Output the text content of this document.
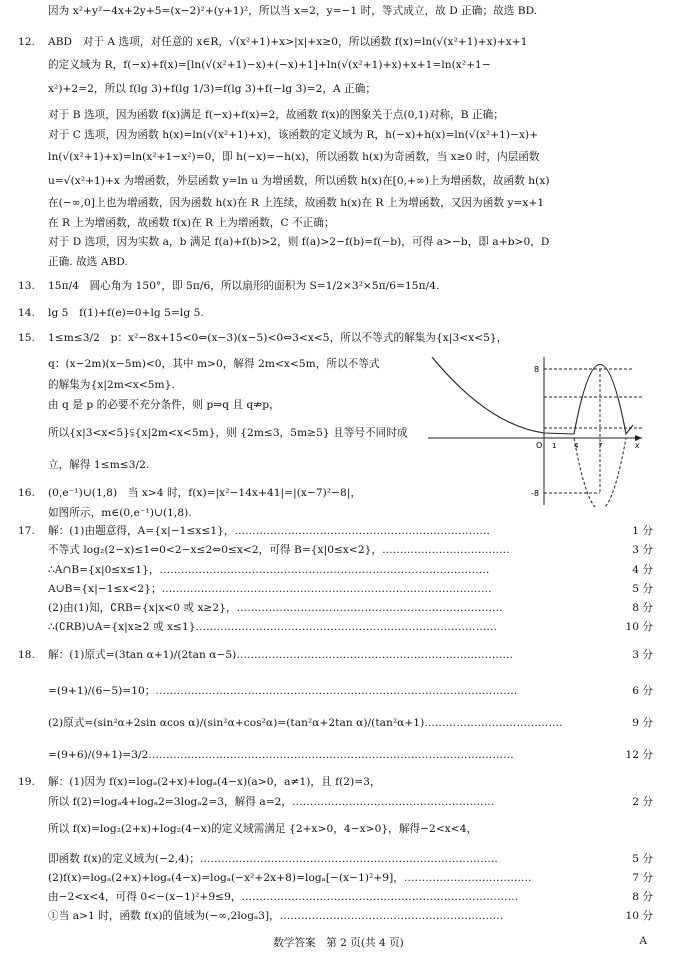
因为 x²+y²−4x+2y+5=(x−2)²+(y+1)²，所以当 x=2，y=−1 时，等式成立，故 D 正确；故选 BD.
12. ABD　对于 A 选项，对任意的 x∈R，√(x²+1)+x>|x|+x≥0，所以函数 f(x)=ln(√(x²+1)+x)+x+1
的定义域为 R，f(−x)+f(x)=[ln(√(x²+1)−x)+(−x)+1]+ln(√(x²+1)+x)+x+1=ln(x²+1−
x²)+2=2，所以 f(lg 3)+f(lg 1/3)=f(lg 3)+f(−lg 3)=2，A 正确；
对于 B 选项，因为函数 f(x)满足 f(−x)+f(x)=2，故函数 f(x)的图象关于点(0,1)对称，B 正确；
对于 C 选项，因为函数 h(x)=ln(√(x²+1)+x)，该函数的定义域为 R，h(−x)+h(x)=ln(√(x²+1)−x)+
ln(√(x²+1)+x)=ln(x²+1−x²)=0，即 h(−x)=−h(x)，所以函数 h(x)为奇函数，当 x≥0 时，内层函数
u=√(x²+1)+x 为增函数，外层函数 y=ln u 为增函数，所以函数 h(x)在[0,+∞)上为增函数，故函数 h(x)
在(−∞,0]上也为增函数，因为函数 h(x)在 R 上连续，故函数 h(x)在 R 上为增函数，又因为函数 y=x+1
在 R 上为增函数，故函数 f(x)在 R 上为增函数，C 不正确；
对于 D 选项，因为实数 a，b 满足 f(a)+f(b)>2，则 f(a)>2−f(b)=f(−b)，可得 a>−b，即 a+b>0，D
正确. 故选 ABD.
13. 15π/4　圆心角为 150°，即 5π/6，所以扇形的面积为 S=1/2×3²×5π/6=15π/4.
14. lg 5　f(1)+f(e)=0+lg 5=lg 5.
15. 1≤m≤3/2　p：x²−8x+15<0⇔(x−3)(x−5)<0⇔3<x<5，所以不等式的解集为{x|3<x<5}，
q：(x−2m)(x−5m)<0，其中 m>0，解得 2m<x<5m，所以不等式
的解集为{x|2m<x<5m}.
由 q 是 p 的必要不充分条件，则 p⇒q 且 q⇏p，
所以{x|3<x<5}⫋{x|2m<x<5m}，则 {2m≤3，5m≥5} 且等号不同时成
立，解得 1≤m≤3/2.
16. (0,e⁻¹)∪(1,8)　当 x>4 时，f(x)=|x²−14x+41|=|(x−7)²−8|，
如图所示，m∈(0,e⁻¹)∪(1,8).
17. 解：(1)由题意得，A={x|−1≤x≤1}，………………………………………………………………	1 分
不等式 log₂(2−x)≤1⇔0<2−x≤2⇔0≤x<2，可得 B={x|0≤x<2}，………………………………	3 分
∴A∩B={x|0≤x≤1}，…………………………………………………………………………………	4 分
A∪B={x|−1≤x<2}；…………………………………………………………………………………	5 分
(2)由(1)知，∁RB={x|x<0 或 x≥2}，…………………………………………………………………	8 分
∴(∁RB)∪A={x|x≥2 或 x≤1}.…………………………………………………………………………	10 分
18. 解：(1)原式=(3tan α+1)/(2tan α−5)……………………………………………………………………	3 分
=(9+1)/(6−5)=10；…………………………………………………………………………………………	6 分
(2)原式=(sin²α+2sin αcos α)/(sin²α+cos²α)=(tan²α+2tan α)/(tan²α+1)…………………………………	9 分
=(9+6)/(9+1)=3/2.…………………………………………………………………………………………	12 分
19. 解：(1)因为 f(x)=logₐ(2+x)+logₐ(4−x)(a>0，a≠1)，且 f(2)=3，
所以 f(2)=logₐ4+logₐ2=3logₐ2=3，解得 a=2，…………………………………………………	2 分
所以 f(x)=log₂(2+x)+log₂(4−x)的定义域需满足 {2+x>0，4−x>0}，解得−2<x<4，
即函数 f(x)的定义域为(−2,4)；…………………………………………………………………………	5 分
(2)f(x)=logₐ(2+x)+logₐ(4−x)=logₐ(−x²+2x+8)=logₐ[−(x−1)²+9]，………………………………	7 分
由−2<x<4，可得 0<−(x−1)²+9≤9，……………………………………………………………………	8 分
①当 a>1 时，函数 f(x)的值域为(−∞,2logₐ3]，………………………………………………………	10 分
8
-8
O 1	4	7	x
数学答案　第 2 页(共 4 页)	A
